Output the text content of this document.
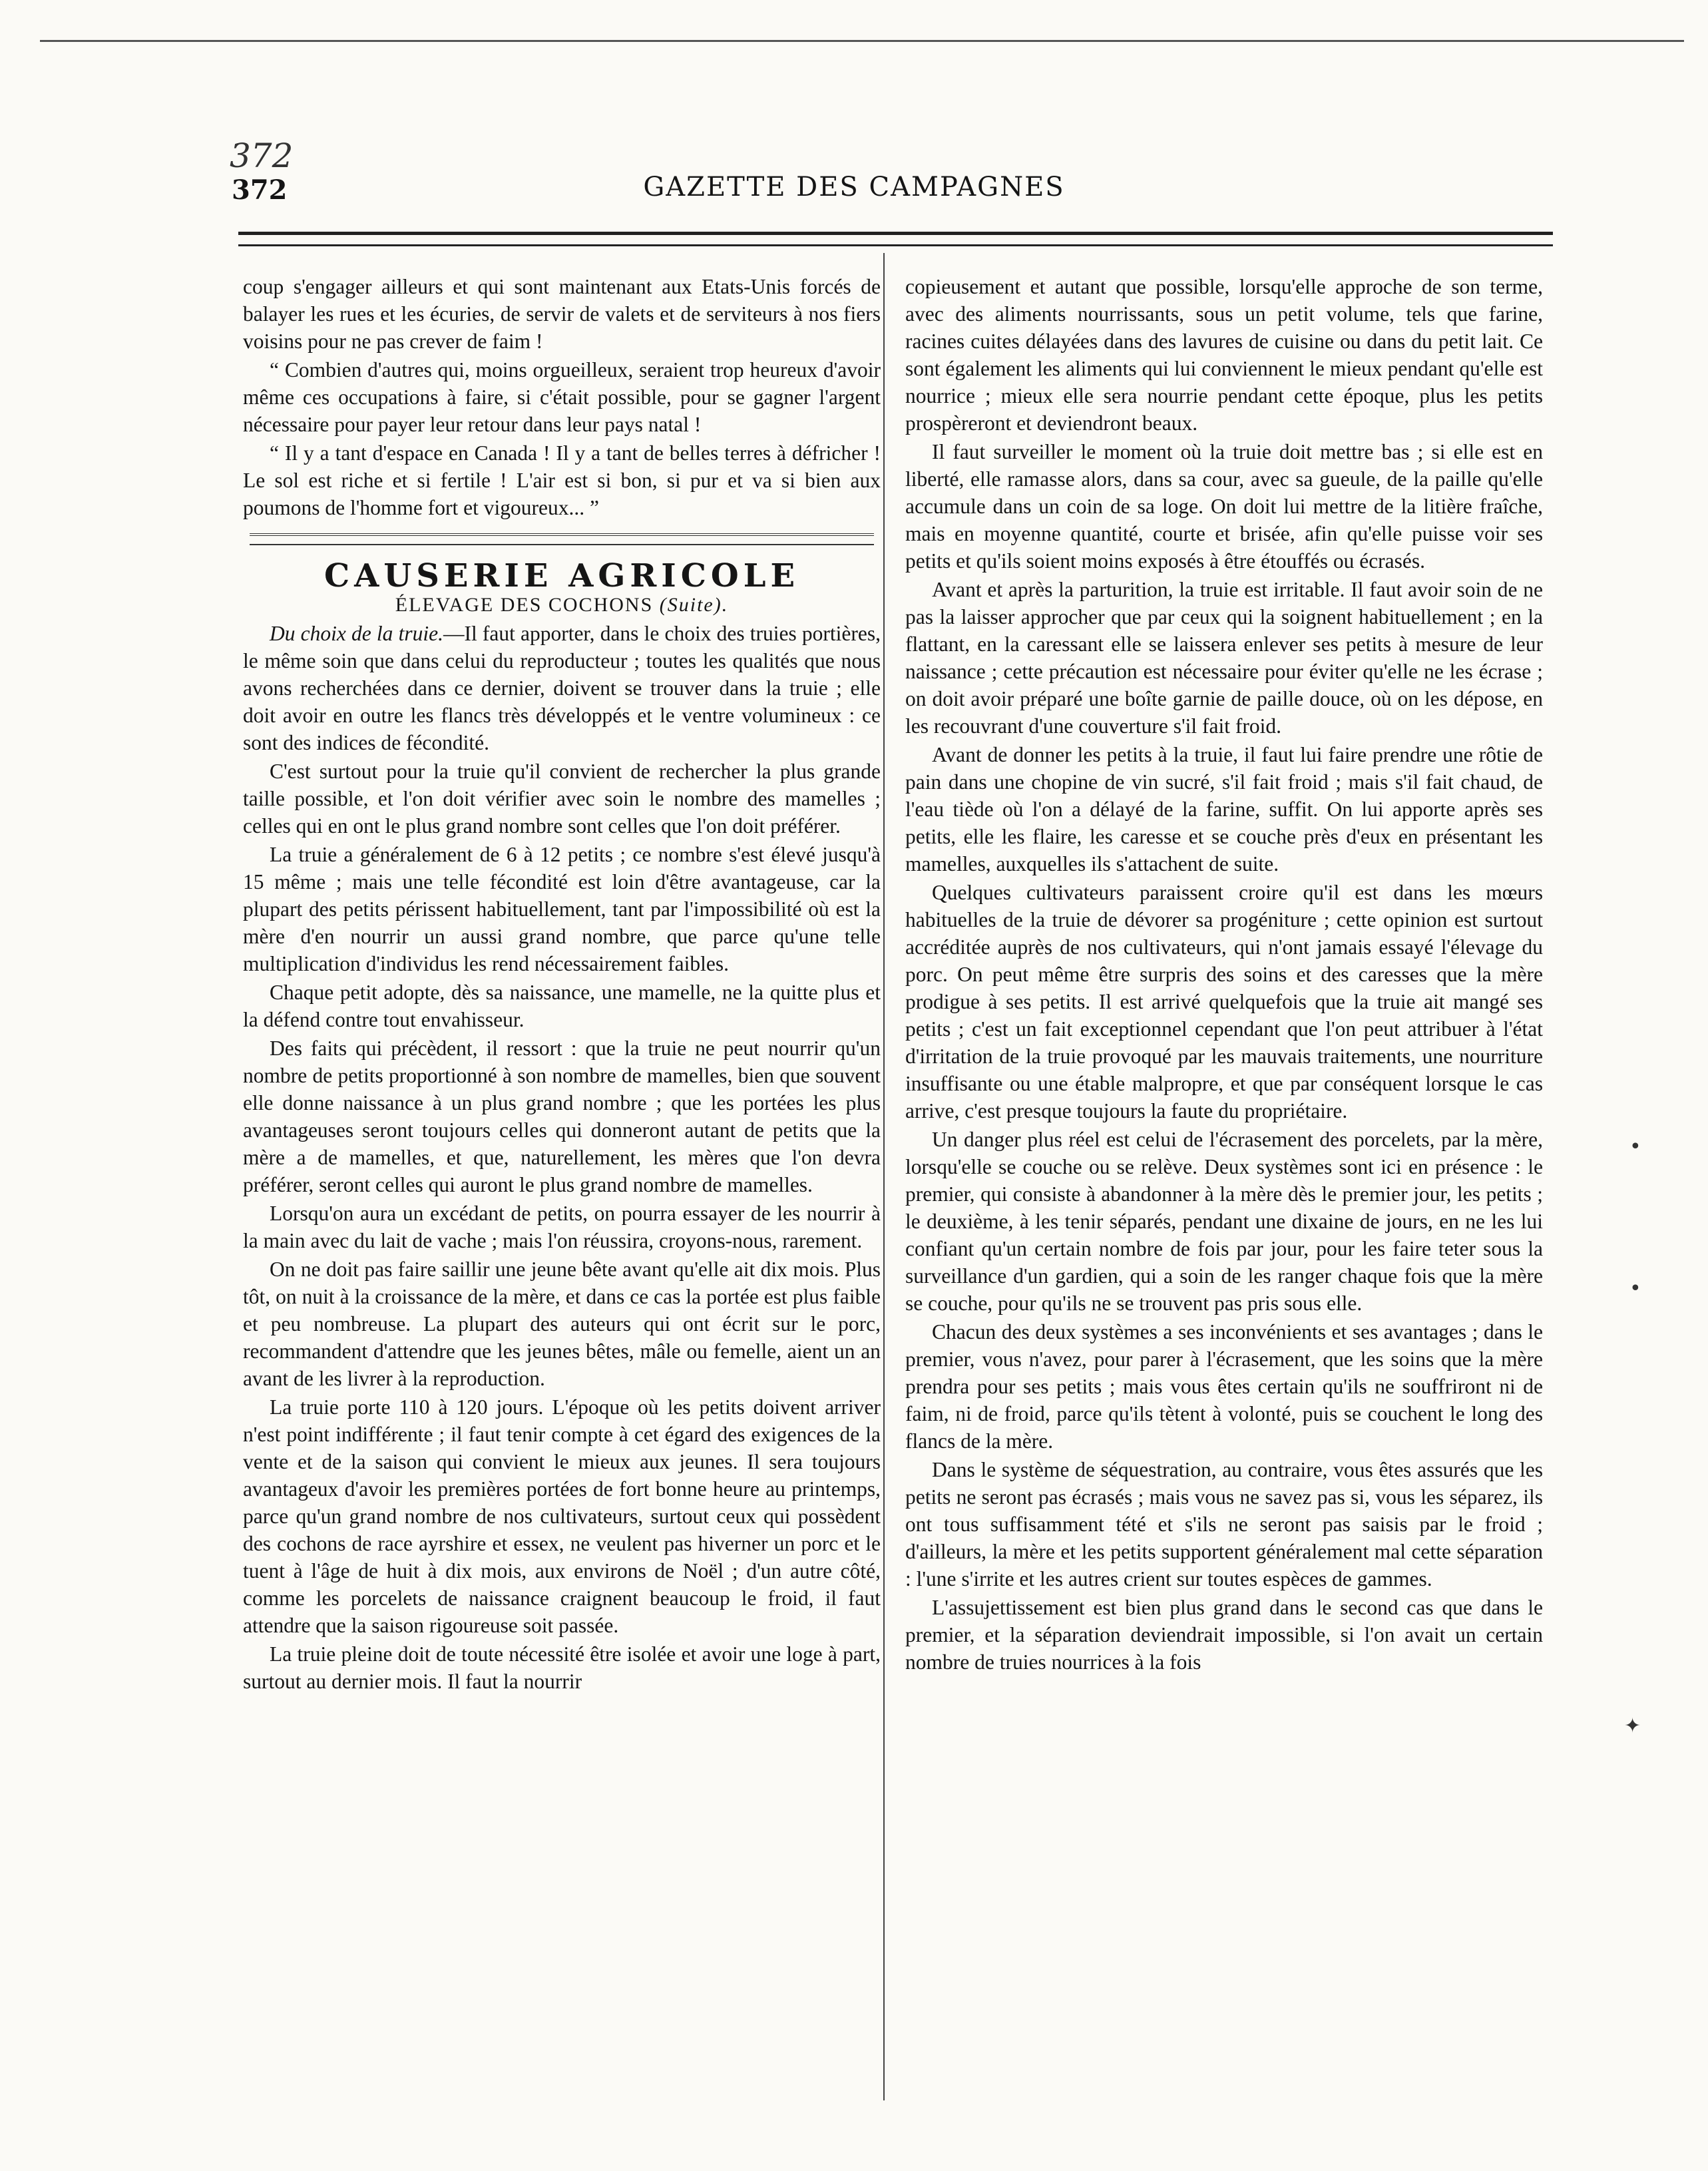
372
372	GAZETTE DES CAMPAGNES

coup s'engager ailleurs et qui sont maintenant aux Etats-Unis forcés de balayer les rues et les écuries, de servir de valets et de serviteurs à nos fiers voisins pour ne pas crever de faim !

“ Combien d'autres qui, moins orgueilleux, seraient trop heureux d'avoir même ces occupations à faire, si c'était possible, pour se gagner l'argent nécessaire pour payer leur retour dans leur pays natal !

“ Il y a tant d'espace en Canada ! Il y a tant de belles terres à défricher ! Le sol est riche et si fertile ! L'air est si bon, si pur et va si bien aux poumons de l'homme fort et vigoureux... ”

CAUSERIE AGRICOLE

ÉLEVAGE DES COCHONS (Suite).

Du choix de la truie.—Il faut apporter, dans le choix des truies portières, le même soin que dans celui du reproducteur ; toutes les qualités que nous avons recherchées dans ce dernier, doivent se trouver dans la truie ; elle doit avoir en outre les flancs très développés et le ventre volumineux : ce sont des indices de fécondité.

C'est surtout pour la truie qu'il convient de rechercher la plus grande taille possible, et l'on doit vérifier avec soin le nombre des mamelles ; celles qui en ont le plus grand nombre sont celles que l'on doit préférer.

La truie a généralement de 6 à 12 petits ; ce nombre s'est élevé jusqu'à 15 même ; mais une telle fécondité est loin d'être avantageuse, car la plupart des petits périssent habituellement, tant par l'impossibilité où est la mère d'en nourrir un aussi grand nombre, que parce qu'une telle multiplication d'individus les rend nécessairement faibles.

Chaque petit adopte, dès sa naissance, une mamelle, ne la quitte plus et la défend contre tout envahisseur.

Des faits qui précèdent, il ressort : que la truie ne peut nourrir qu'un nombre de petits proportionné à son nombre de mamelles, bien que souvent elle donne naissance à un plus grand nombre ; que les portées les plus avantageuses seront toujours celles qui donneront autant de petits que la mère a de mamelles, et que, naturellement, les mères que l'on devra préférer, seront celles qui auront le plus grand nombre de mamelles.

Lorsqu'on aura un excédant de petits, on pourra essayer de les nourrir à la main avec du lait de vache ; mais l'on réussira, croyons-nous, rarement.

On ne doit pas faire saillir une jeune bête avant qu'elle ait dix mois. Plus tôt, on nuit à la croissance de la mère, et dans ce cas la portée est plus faible et peu nombreuse. La plupart des auteurs qui ont écrit sur le porc, recommandent d'attendre que les jeunes bêtes, mâle ou femelle, aient un an avant de les livrer à la reproduction.

La truie porte 110 à 120 jours. L'époque où les petits doivent arriver n'est point indifférente ; il faut tenir compte à cet égard des exigences de la vente et de la saison qui convient le mieux aux jeunes. Il sera toujours avantageux d'avoir les premières portées de fort bonne heure au printemps, parce qu'un grand nombre de nos cultivateurs, surtout ceux qui possèdent des cochons de race ayrshire et essex, ne veulent pas hiverner un porc et le tuent à l'âge de huit à dix mois, aux environs de Noël ; d'un autre côté, comme les porcelets de naissance craignent beaucoup le froid, il faut attendre que la saison rigoureuse soit passée.

La truie pleine doit de toute nécessité être isolée et avoir une loge à part, surtout au dernier mois. Il faut la nourrir

copieusement et autant que possible, lorsqu'elle approche de son terme, avec des aliments nourrissants, sous un petit volume, tels que farine, racines cuites délayées dans des lavures de cuisine ou dans du petit lait. Ce sont également les aliments qui lui conviennent le mieux pendant qu'elle est nourrice ; mieux elle sera nourrie pendant cette époque, plus les petits prospèreront et deviendront beaux.

Il faut surveiller le moment où la truie doit mettre bas ; si elle est en liberté, elle ramasse alors, dans sa cour, avec sa gueule, de la paille qu'elle accumule dans un coin de sa loge. On doit lui mettre de la litière fraîche, mais en moyenne quantité, courte et brisée, afin qu'elle puisse voir ses petits et qu'ils soient moins exposés à être étouffés ou écrasés.

Avant et après la parturition, la truie est irritable. Il faut avoir soin de ne pas la laisser approcher que par ceux qui la soignent habituellement ; en la flattant, en la caressant elle se laissera enlever ses petits à mesure de leur naissance ; cette précaution est nécessaire pour éviter qu'elle ne les écrase ; on doit avoir préparé une boîte garnie de paille douce, où on les dépose, en les recouvrant d'une couverture s'il fait froid.

Avant de donner les petits à la truie, il faut lui faire prendre une rôtie de pain dans une chopine de vin sucré, s'il fait froid ; mais s'il fait chaud, de l'eau tiède où l'on a délayé de la farine, suffit. On lui apporte après ses petits, elle les flaire, les caresse et se couche près d'eux en présentant les mamelles, auxquelles ils s'attachent de suite.

Quelques cultivateurs paraissent croire qu'il est dans les mœurs habituelles de la truie de dévorer sa progéniture ; cette opinion est surtout accréditée auprès de nos cultivateurs, qui n'ont jamais essayé l'élevage du porc. On peut même être surpris des soins et des caresses que la mère prodigue à ses petits. Il est arrivé quelquefois que la truie ait mangé ses petits ; c'est un fait exceptionnel cependant que l'on peut attribuer à l'état d'irritation de la truie provoqué par les mauvais traitements, une nourriture insuffisante ou une étable malpropre, et que par conséquent lorsque le cas arrive, c'est presque toujours la faute du propriétaire.

Un danger plus réel est celui de l'écrasement des porcelets, par la mère, lorsqu'elle se couche ou se relève. Deux systèmes sont ici en présence : le premier, qui consiste à abandonner à la mère dès le premier jour, les petits ; le deuxième, à les tenir séparés, pendant une dixaine de jours, en ne les lui confiant qu'un certain nombre de fois par jour, pour les faire teter sous la surveillance d'un gardien, qui a soin de les ranger chaque fois que la mère se couche, pour qu'ils ne se trouvent pas pris sous elle.

Chacun des deux systèmes a ses inconvénients et ses avantages ; dans le premier, vous n'avez, pour parer à l'écrasement, que les soins que la mère prendra pour ses petits ; mais vous êtes certain qu'ils ne souffriront ni de faim, ni de froid, parce qu'ils tètent à volonté, puis se couchent le long des flancs de la mère.

Dans le système de séquestration, au contraire, vous êtes assurés que les petits ne seront pas écrasés ; mais vous ne savez pas si, vous les séparez, ils ont tous suffisamment tété et s'ils ne seront pas saisis par le froid ; d'ailleurs, la mère et les petits supportent généralement mal cette séparation : l'une s'irrite et les autres crient sur toutes espèces de gammes.

L'assujettissement est bien plus grand dans le second cas que dans le premier, et la séparation deviendrait impossible, si l'on avait un certain nombre de truies nourrices à la fois

•
•
✦
